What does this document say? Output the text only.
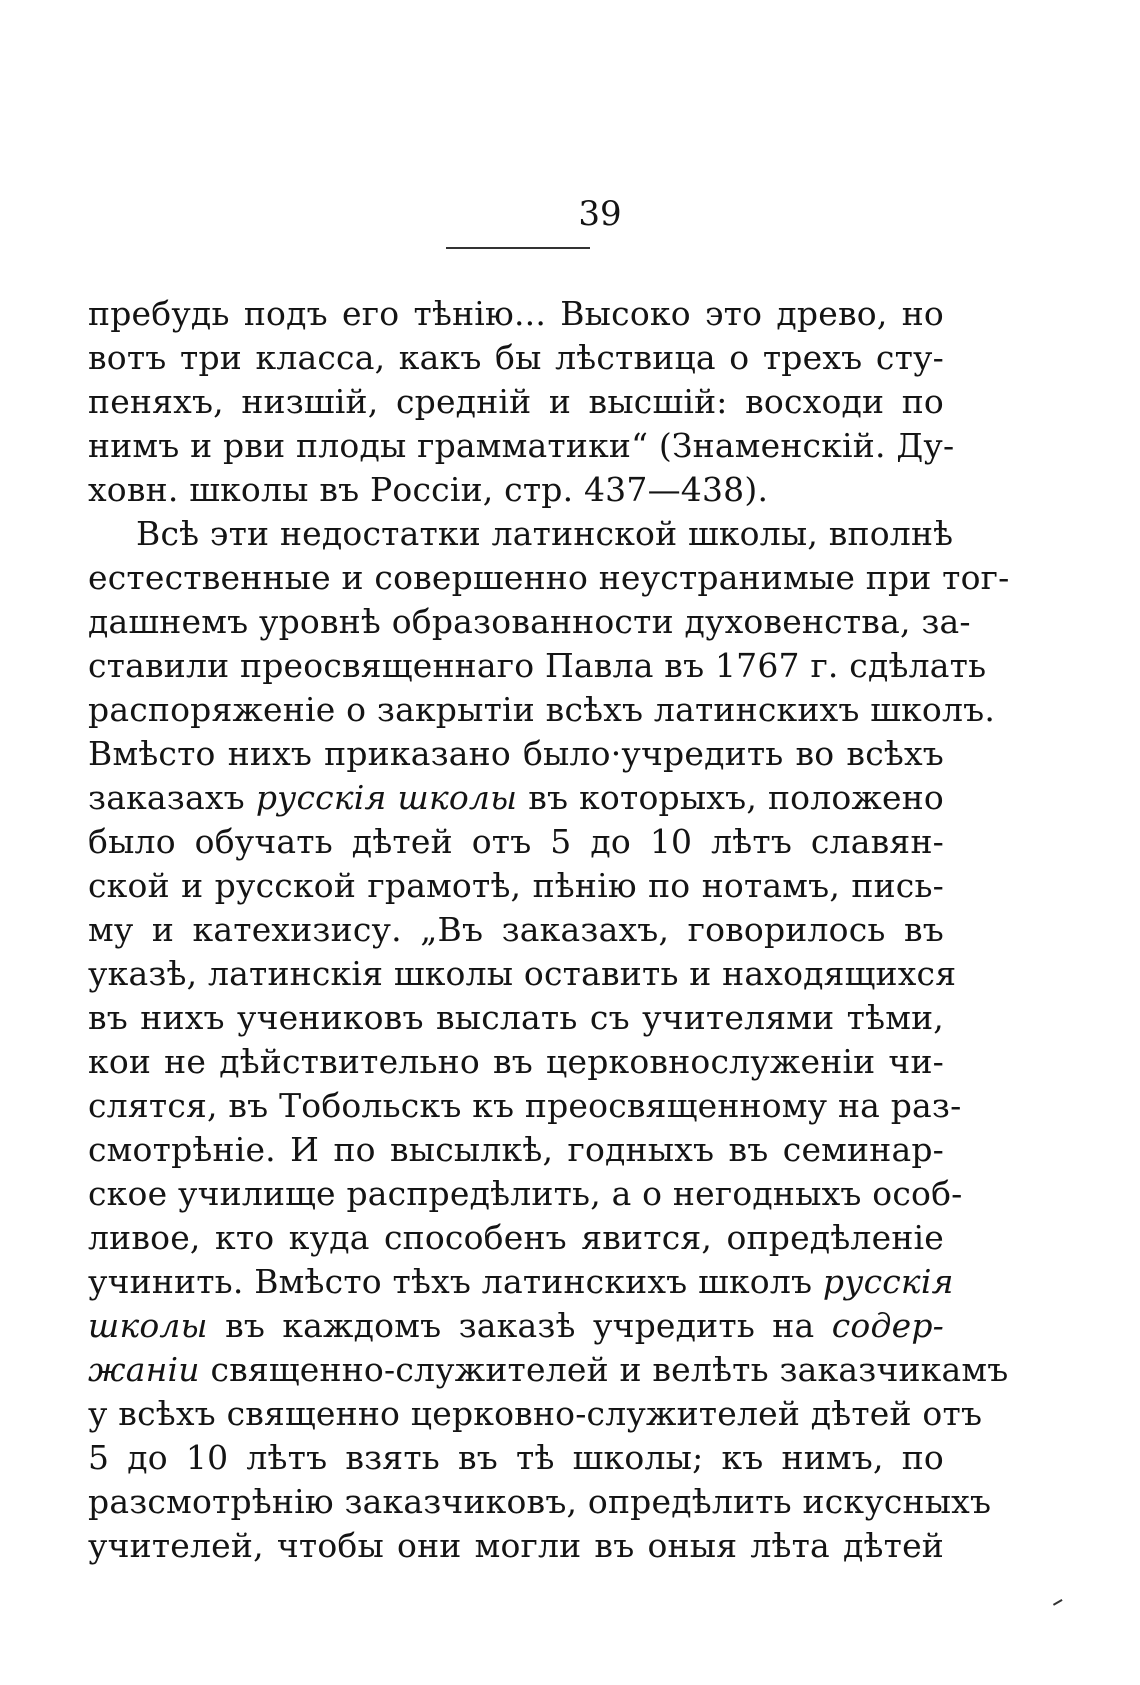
39
пребудь подъ его тѣнію... Высоко это древо, но
вотъ три класса, какъ бы лѣствица о трехъ сту-
пеняхъ, низшій, средній и высшій: восходи по
нимъ и рви плоды грамматики“ (Знаменскій. Ду-
ховн. школы въ Россіи, стр. 437—438).
Всѣ эти недостатки латинской школы, вполнѣ
естественные и совершенно неустранимые при тог-
дашнемъ уровнѣ образованности духовенства, за-
ставили преосвященнаго Павла въ 1767 г. сдѣлать
распоряженіе о закрытіи всѣхъ латинскихъ школъ.
Вмѣсто нихъ приказано было·учредить во всѣхъ
заказахъ русскія школы въ которыхъ, положено
было обучать дѣтей отъ 5 до 10 лѣтъ славян-
ской и русской грамотѣ, пѣнію по нотамъ, пись-
му и катехизису. „Въ заказахъ, говорилось въ
указѣ, латинскія школы оставить и находящихся
въ нихъ учениковъ выслать съ учителями тѣми,
кои не дѣйствительно въ церковнослуженіи чи-
слятся, въ Тобольскъ къ преосвященному на раз-
смотрѣніе. И по высылкѣ, годныхъ въ семинар-
ское училище распредѣлить, а о негодныхъ особ-
ливое, кто куда способенъ явится, опредѣленіе
учинить. Вмѣсто тѣхъ латинскихъ школъ русскія
школы въ каждомъ заказѣ учредить на содер-
жаніи священно-служителей и велѣть заказчикамъ
у всѣхъ священно церковно-служителей дѣтей отъ
5 до 10 лѣтъ взять въ тѣ школы; къ нимъ, по
разсмотрѣнію заказчиковъ, опредѣлить искусныхъ
учителей, чтобы они могли въ оныя лѣта дѣтей
